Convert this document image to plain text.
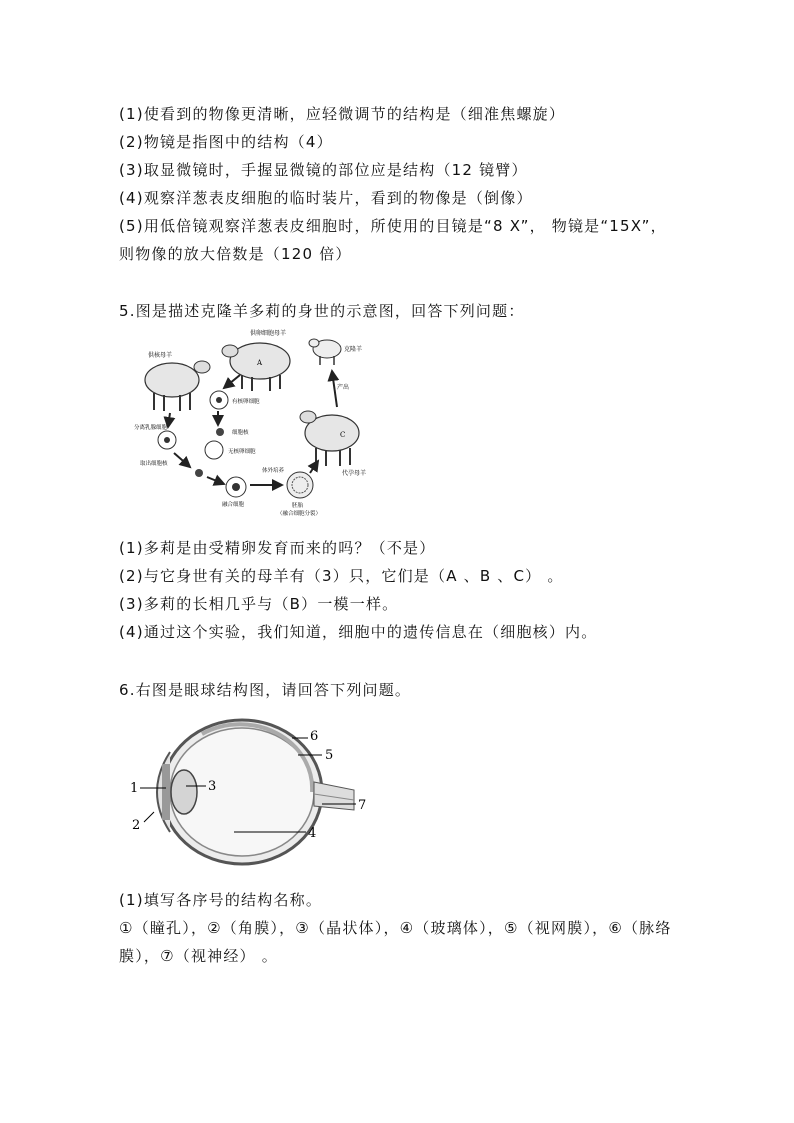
(1)使看到的物像更清晰，应轻微调节的结构是（细准焦螺旋）
(2)物镜是指图中的结构（4）
(3)取显微镜时，手握显微镜的部位应是结构（12 镜臂）
(4)观察洋葱表皮细胞的临时装片，看到的物像是（倒像）
(5)用低倍镜观察洋葱表皮细胞时，所使用的目镜是“8 X”， 物镜是“15X”，则物像的放大倍数是（120 倍）
5.图是描述克隆羊多莉的身世的示意图，回答下列问题：
供核母羊
A
供卵细胞母羊
克隆羊
C
代孕母羊
产出
分离乳腺细胞
取出细胞核
有核卵细胞
细胞核
无核卵细胞
融合细胞
体外培养
胚胎
（融合细胞分裂）
(1)多莉是由受精卵发育而来的吗？（不是）
(2)与它身世有关的母羊有（3）只，它们是（A 、B 、C） 。
(3)多莉的长相几乎与（B）一模一样。
(4)通过这个实验，我们知道，细胞中的遗传信息在（细胞核）内。
6.右图是眼球结构图，请回答下列问题。
1
2
3
4
5
6
7
(1)填写各序号的结构名称。
①（瞳孔），②（角膜），③（晶状体），④（玻璃体），⑤（视网膜），⑥（脉络膜），⑦（视神经） 。
